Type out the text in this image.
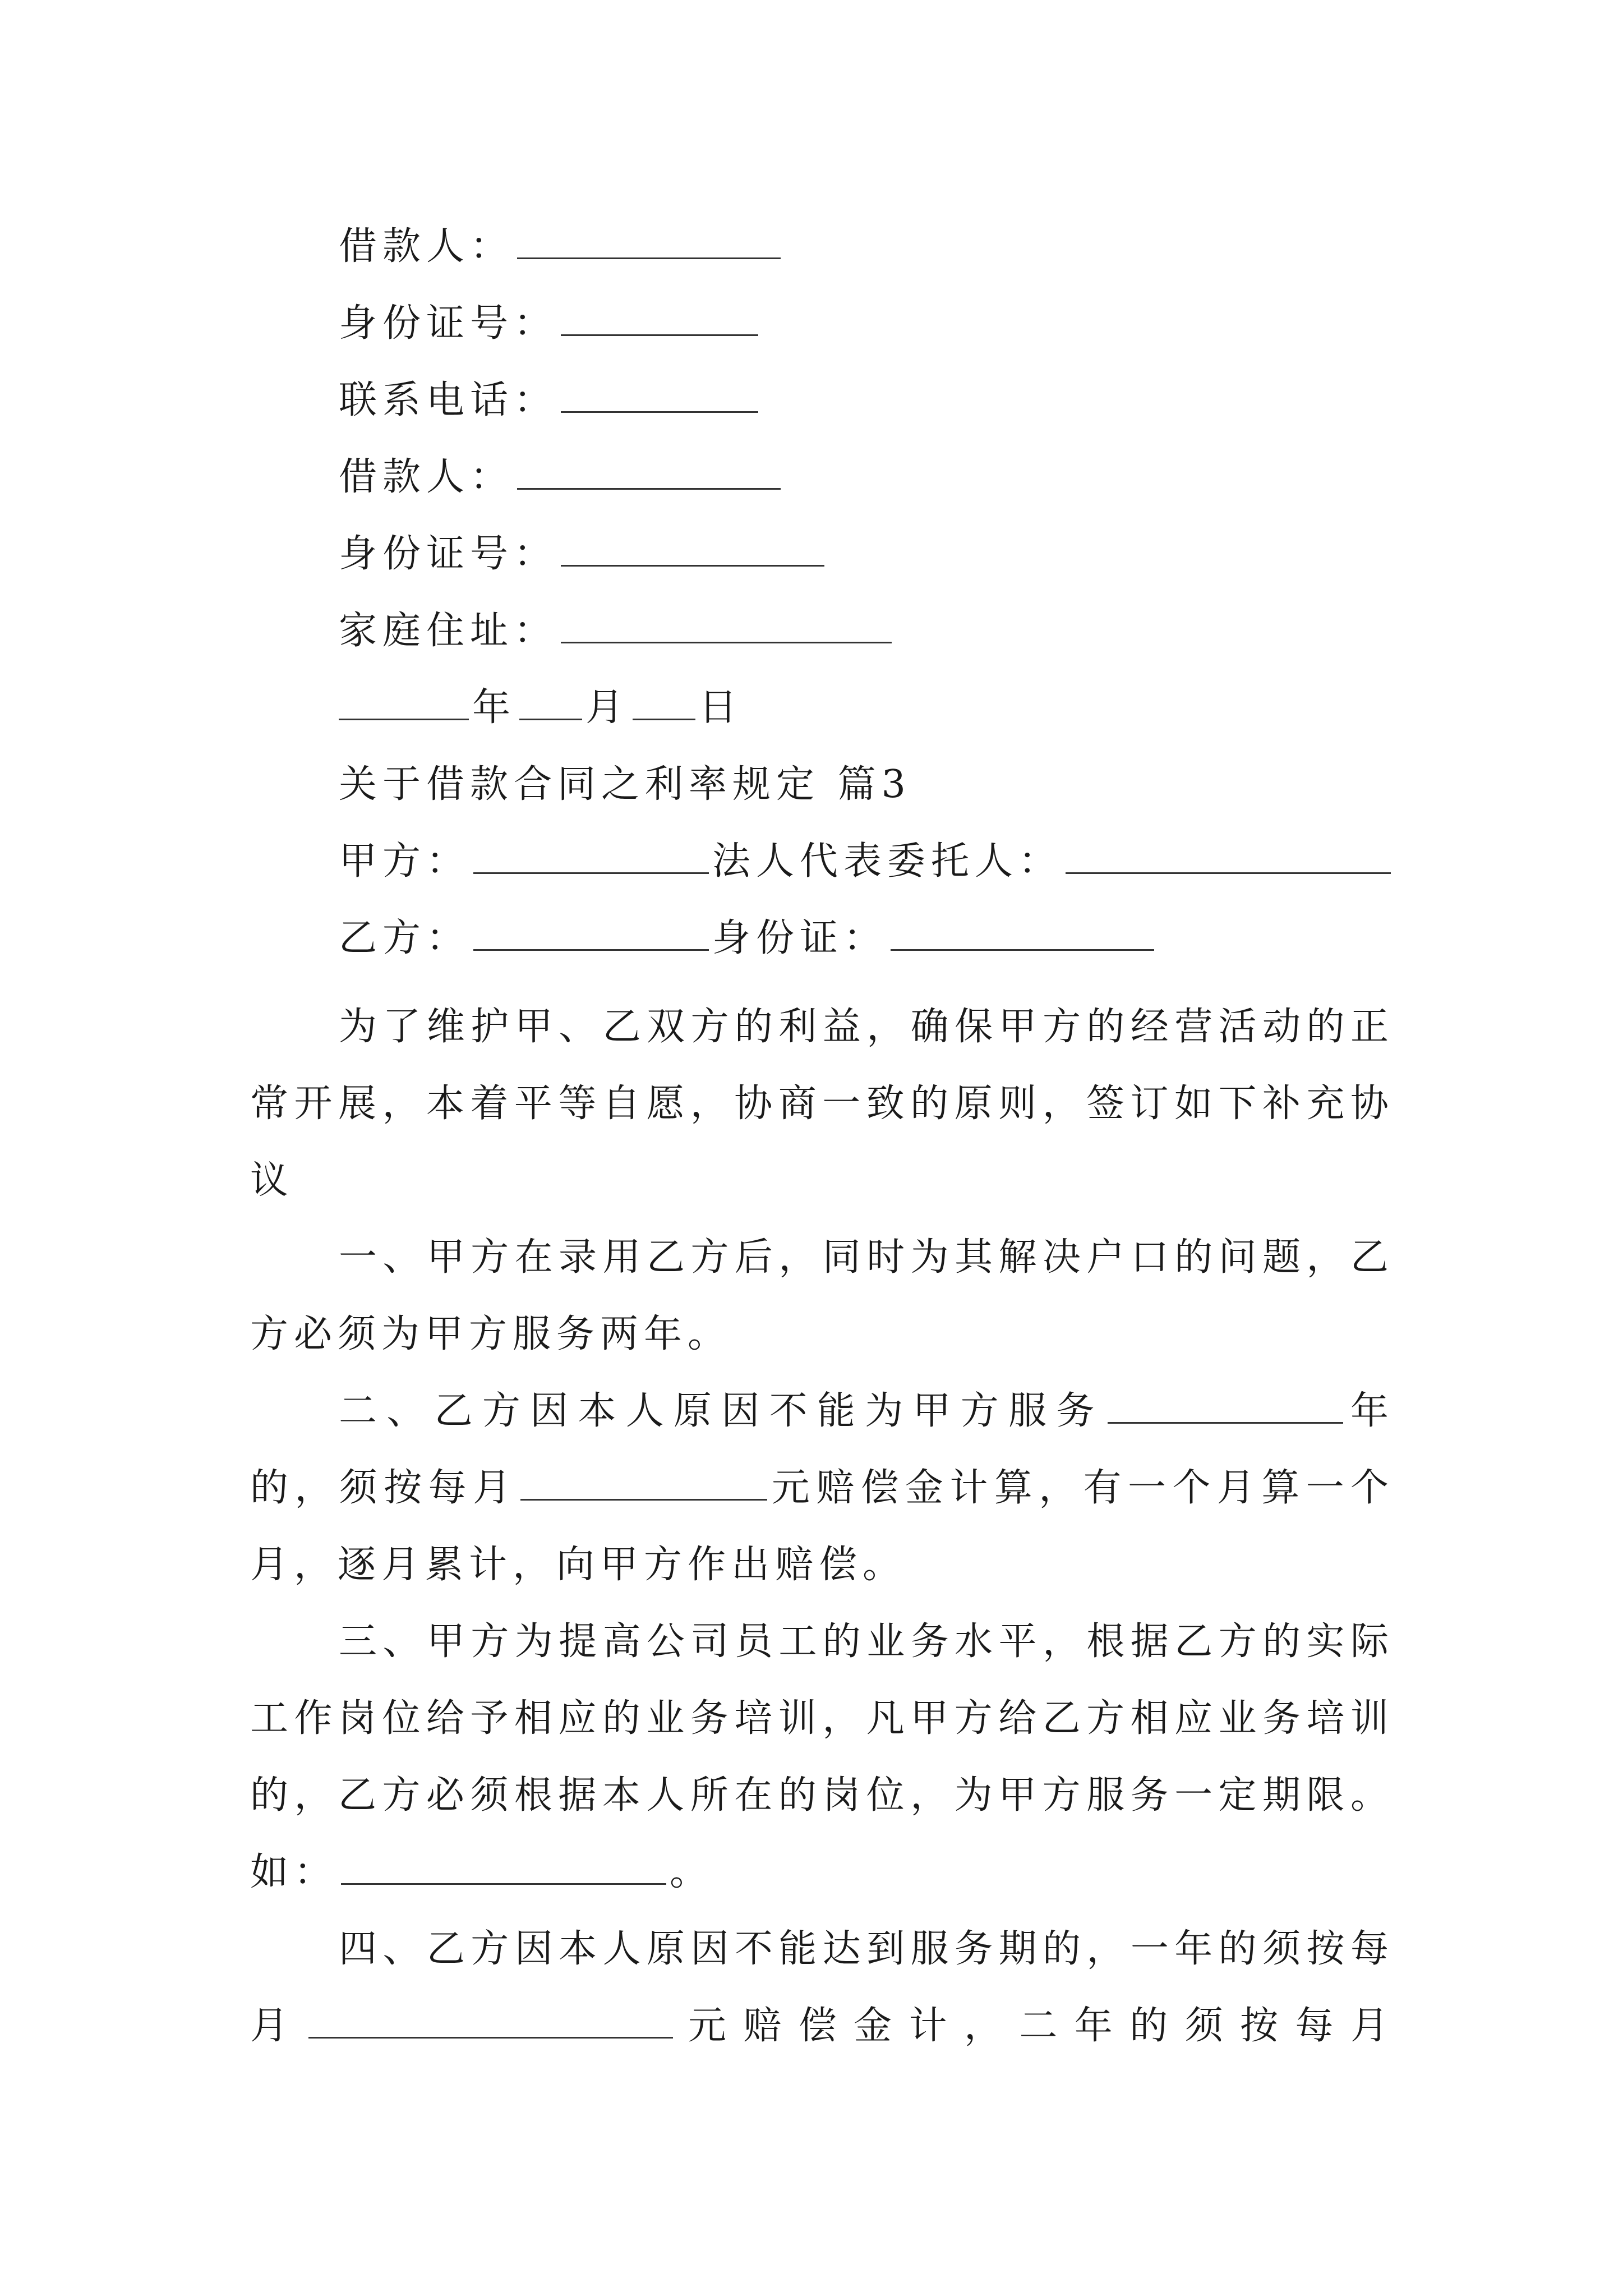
借款人：
身份证号：
联系电话：
借款人：
身份证号：
家庭住址：
年 月 日
关于借款合同之利率规定 篇3
甲方：	法人代表委托人：
乙方：	身份证：

为了维护甲、乙双方的利益，确保甲方的经营活动的正常开展，本着平等自愿，协商一致的原则，签订如下补充协议

一、甲方在录用乙方后，同时为其解决户口的问题，乙方必须为甲方服务两年。

二、乙方因本人原因不能为甲方服务	年的，须按每月	元赔偿金计算，有一个月算一个月，逐月累计，向甲方作出赔偿。

三、甲方为提高公司员工的业务水平，根据乙方的实际工作岗位给予相应的业务培训，凡甲方给乙方相应业务培训的，乙方必须根据本人所在的岗位，为甲方服务一定期限。如：	。

四、乙方因本人原因不能达到服务期的，一年的须按每月	元赔偿金计，二年的须按每月
